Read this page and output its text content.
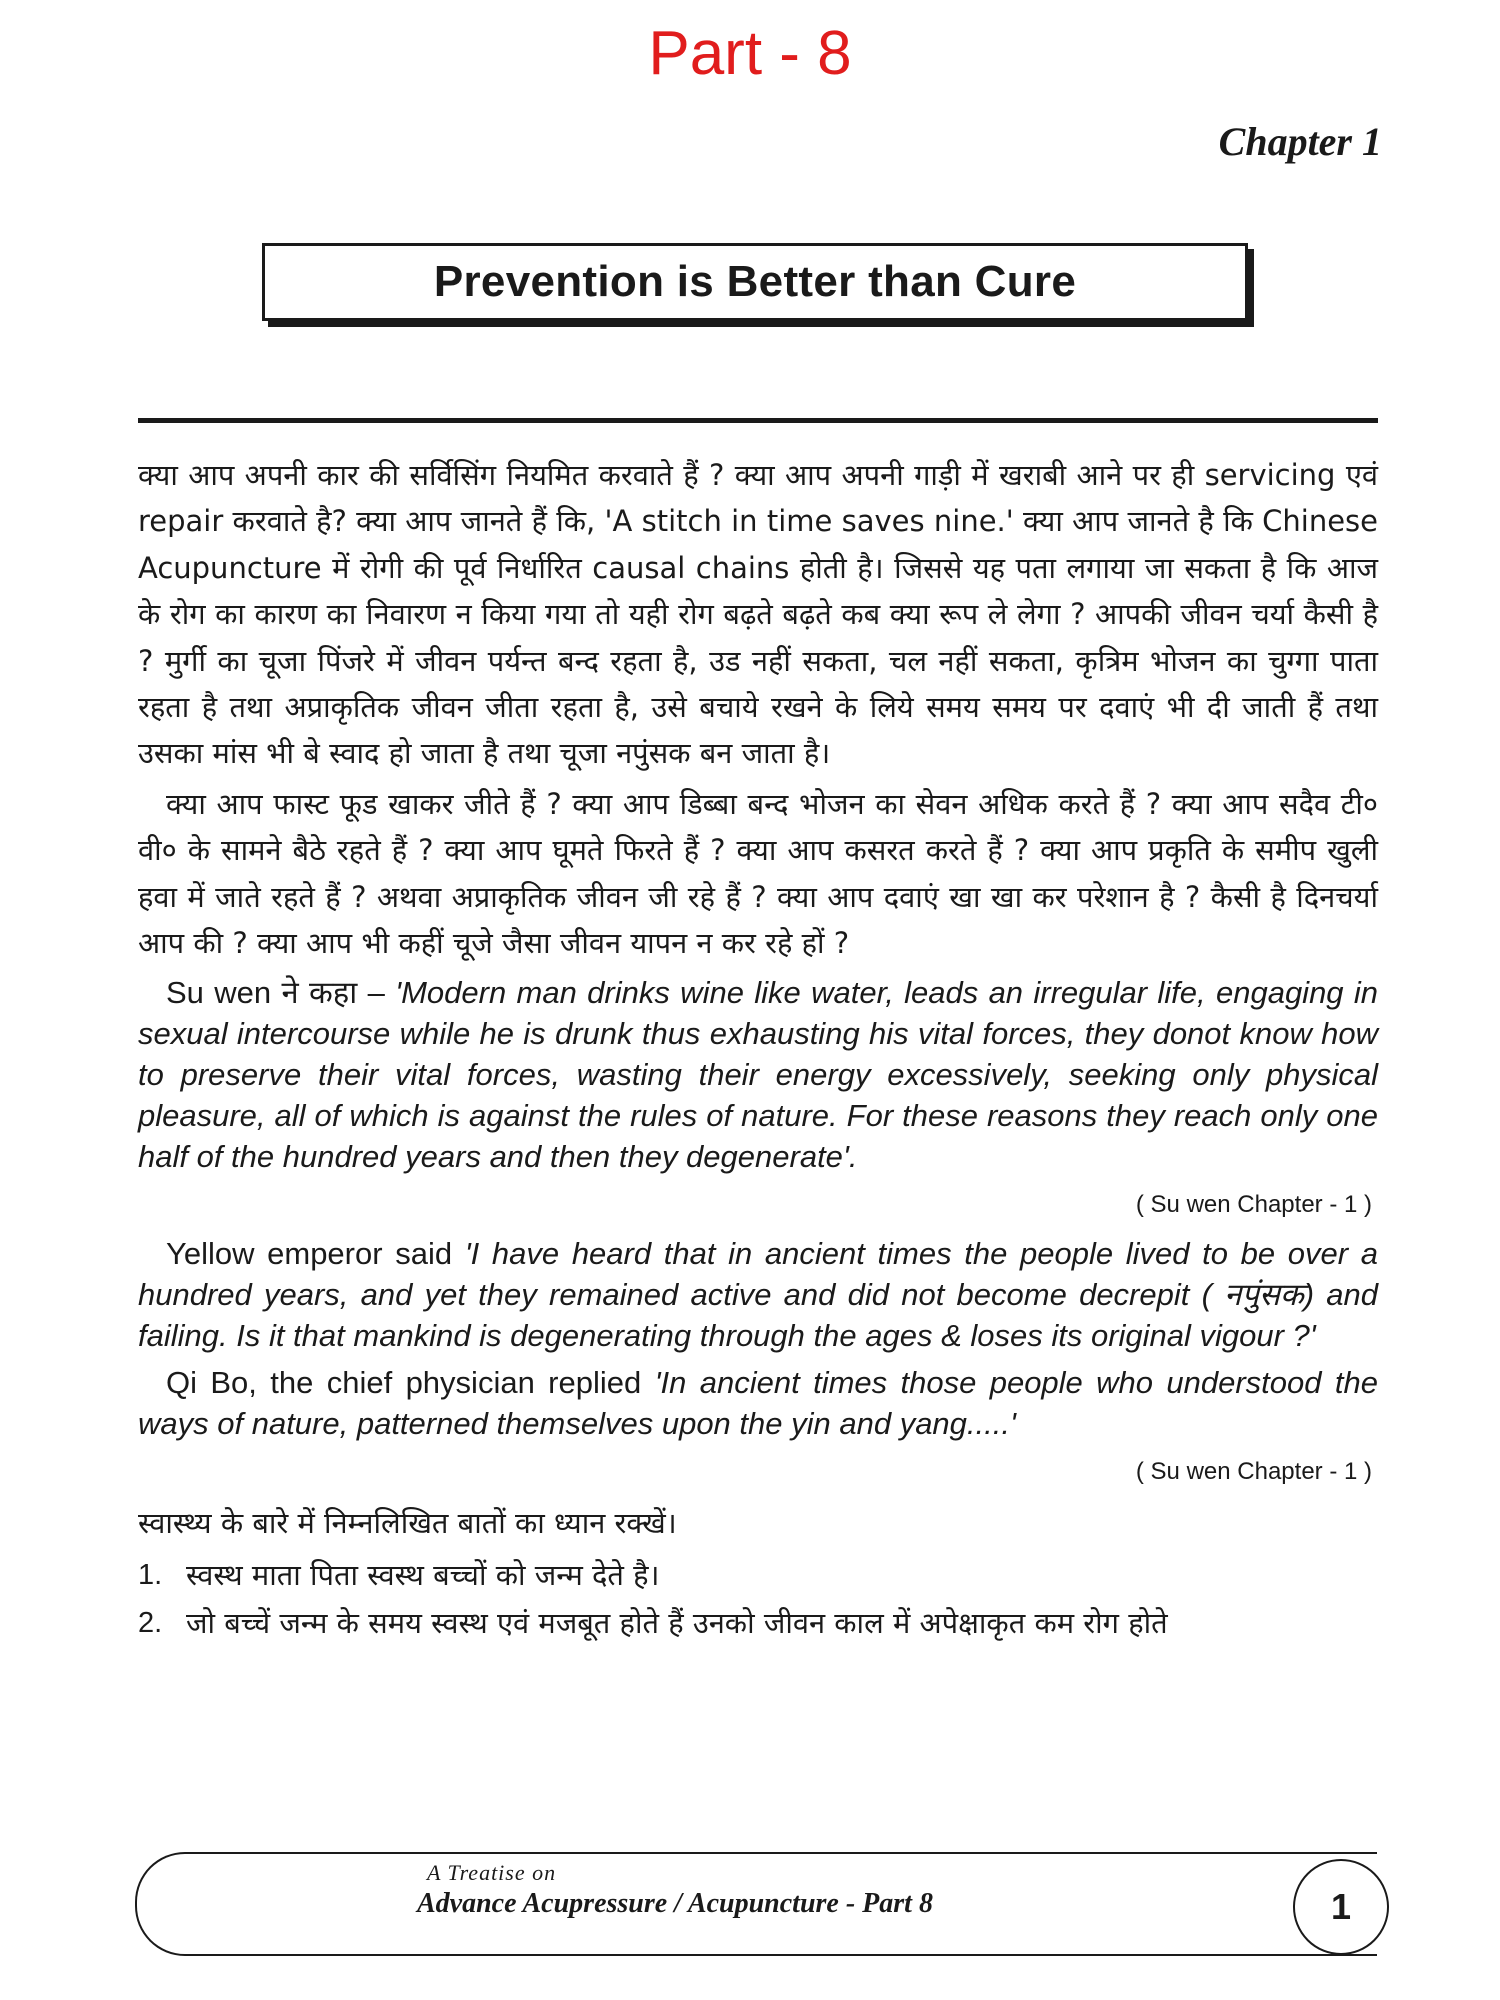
Part - 8
Chapter 1
Prevention is Better than Cure

क्या आप अपनी कार की सर्विसिंग नियमित करवाते हैं ? क्या आप अपनी गाड़ी में खराबी आने पर ही servicing एवं repair करवाते है? क्या आप जानते हैं कि, 'A stitch in time saves nine.' क्या आप जानते है कि Chinese Acupuncture में रोगी की पूर्व निर्धारित causal chains होती है। जिससे यह पता लगाया जा सकता है कि आज के रोग का कारण का निवारण न किया गया तो यही रोग बढ़ते बढ़ते कब क्या रूप ले लेगा ? आपकी जीवन चर्या कैसी है ? मुर्गी का चूजा पिंजरे में जीवन पर्यन्त बन्द रहता है, उड नहीं सकता, चल नहीं सकता, कृत्रिम भोजन का चुग्गा पाता रहता है तथा अप्राकृतिक जीवन जीता रहता है, उसे बचाये रखने के लिये समय समय पर दवाएं भी दी जाती हैं तथा उसका मांस भी बे स्वाद हो जाता है तथा चूजा नपुंसक बन जाता है।

क्या आप फास्ट फूड खाकर जीते हैं ? क्या आप डिब्बा बन्द भोजन का सेवन अधिक करते हैं ? क्या आप सदैव टी० वी० के सामने बैठे रहते हैं ? क्या आप घूमते फिरते हैं ? क्या आप कसरत करते हैं ? क्या आप प्रकृति के समीप खुली हवा में जाते रहते हैं ? अथवा अप्राकृतिक जीवन जी रहे हैं ? क्या आप दवाएं खा खा कर परेशान है ? कैसी है दिनचर्या आप की ? क्या आप भी कहीं चूजे जैसा जीवन यापन न कर रहे हों ?

Su wen ने कहा – 'Modern man drinks wine like water, leads an irregular life, engaging in sexual intercourse while he is drunk thus exhausting his vital forces, they donot know how to preserve their vital forces, wasting their energy excessively, seeking only physical pleasure, all of which is against the rules of nature. For these reasons they reach only one half of the hundred years and then they degenerate'.

( Su wen Chapter - 1 )

Yellow emperor said 'I have heard that in ancient times the people lived to be over a hundred years, and yet they remained active and did not become decrepit ( नपुंसक) and failing. Is it that mankind is degenerating through the ages & loses its original vigour ?'

Qi Bo, the chief physician replied 'In ancient times those people who understood the ways of nature, patterned themselves upon the yin and yang.....'

( Su wen Chapter - 1 )

स्वास्थ्य के बारे में निम्नलिखित बातों का ध्यान रक्खें।

1. स्वस्थ माता पिता स्वस्थ बच्चों को जन्म देते है।
2. जो बच्चें जन्म के समय स्वस्थ एवं मजबूत होते हैं उनको जीवन काल में अपेक्षाकृत कम रोग होते
A Treatise on
Advance Acupressure / Acupuncture - Part 8	1
